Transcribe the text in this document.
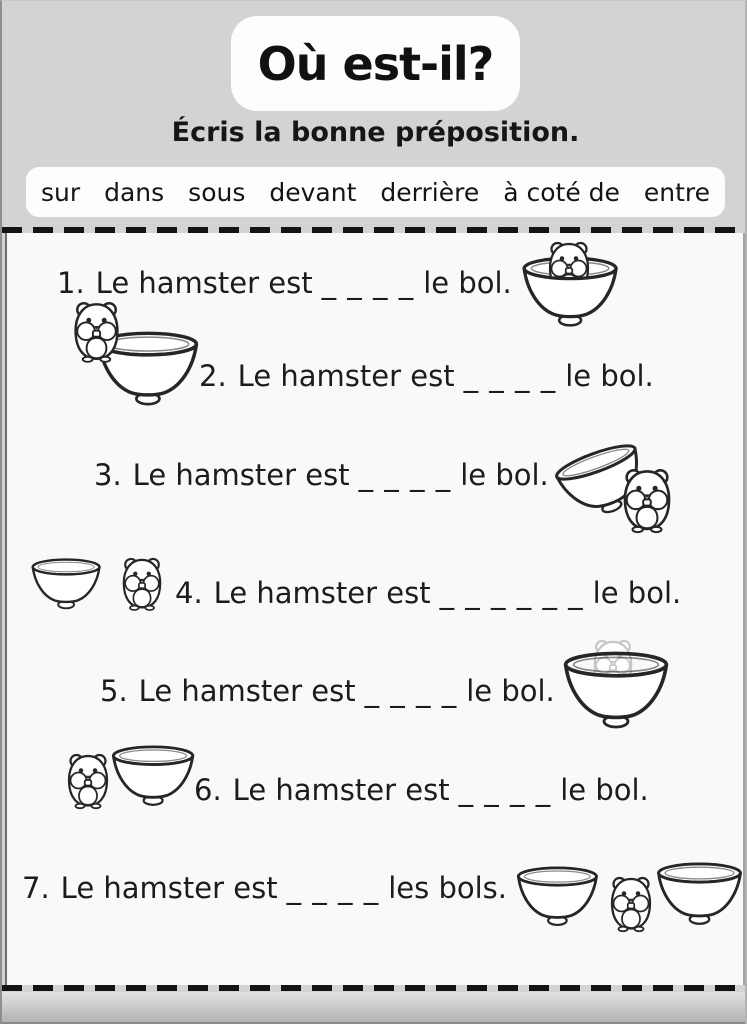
Où est-il?
Écris la bonne préposition.
sur dans sous devant derrière à coté de entre
1. Le hamster est _ _ _ _ le bol.
2. Le hamster est _ _ _ _ le bol.
3. Le hamster est _ _ _ _ le bol.
4. Le hamster est _ _ _ _ _ _ le bol.
5. Le hamster est _ _ _ _ le bol.
6. Le hamster est _ _ _ _ le bol.
7. Le hamster est _ _ _ _ les bols.
